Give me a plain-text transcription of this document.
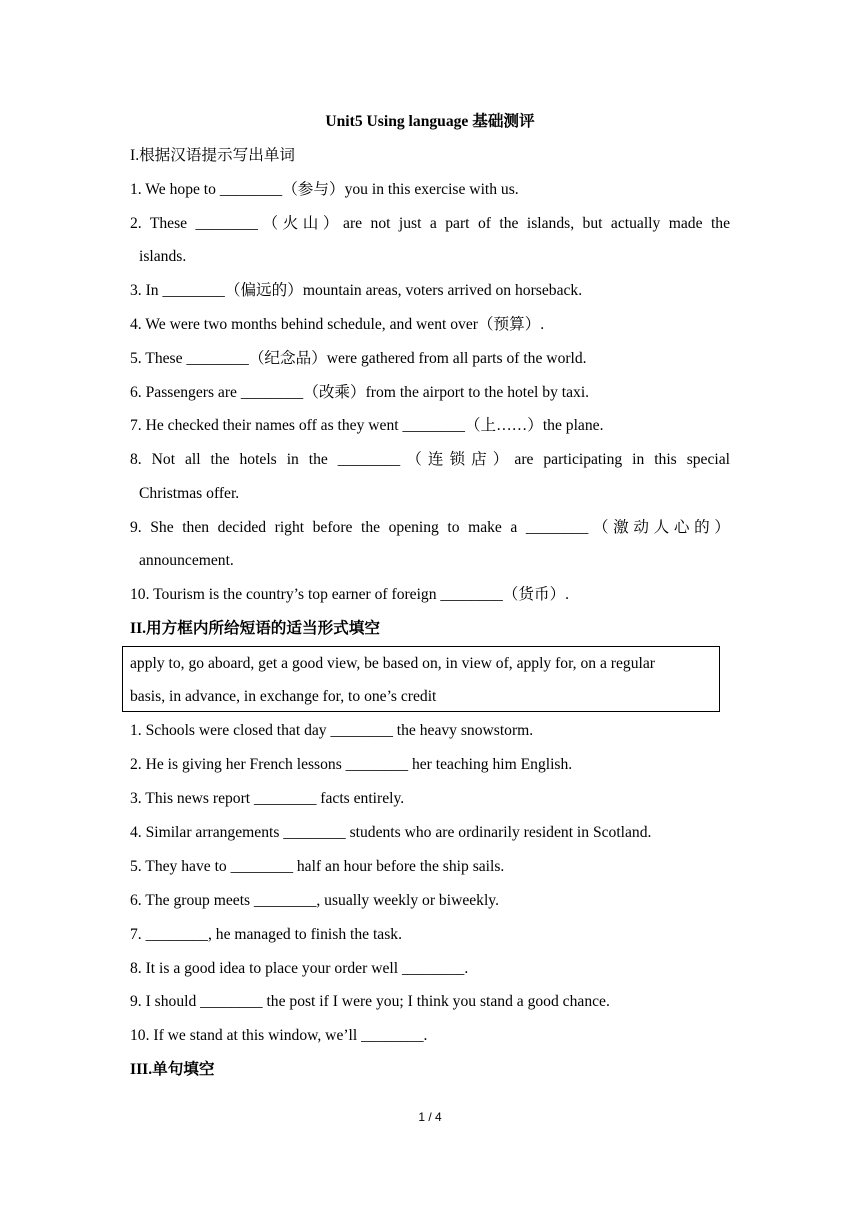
Unit5 Using language 基础测评
I.根据汉语提示写出单词
1. We hope to ________（参与）you in this exercise with us.
2. These ________（火山）are not just a part of the islands, but actually made the
islands.
3. In ________（偏远的）mountain areas, voters arrived on horseback.
4. We were two months behind schedule, and went over（预算）.
5. These ________（纪念品）were gathered from all parts of the world.
6. Passengers are ________（改乘）from the airport to the hotel by taxi.
7. He checked their names off as they went ________（上……）the plane.
8. Not all the hotels in the ________（连锁店）are participating in this special
Christmas offer.
9. She then decided right before the opening to make a ________（激动人心的）
announcement.
10. Tourism is the country’s top earner of foreign ________（货币）.
II.用方框内所给短语的适当形式填空
apply to, go aboard, get a good view, be based on, in view of, apply for, on a regular
basis, in advance, in exchange for, to one’s credit
1. Schools were closed that day ________ the heavy snowstorm.
2. He is giving her French lessons ________ her teaching him English.
3. This news report ________ facts entirely.
4. Similar arrangements ________ students who are ordinarily resident in Scotland.
5. They have to ________ half an hour before the ship sails.
6. The group meets ________, usually weekly or biweekly.
7. ________, he managed to finish the task.
8. It is a good idea to place your order well ________.
9. I should ________ the post if I were you; I think you stand a good chance.
10. If we stand at this window, we’ll ________.
III.单句填空
1 / 4
